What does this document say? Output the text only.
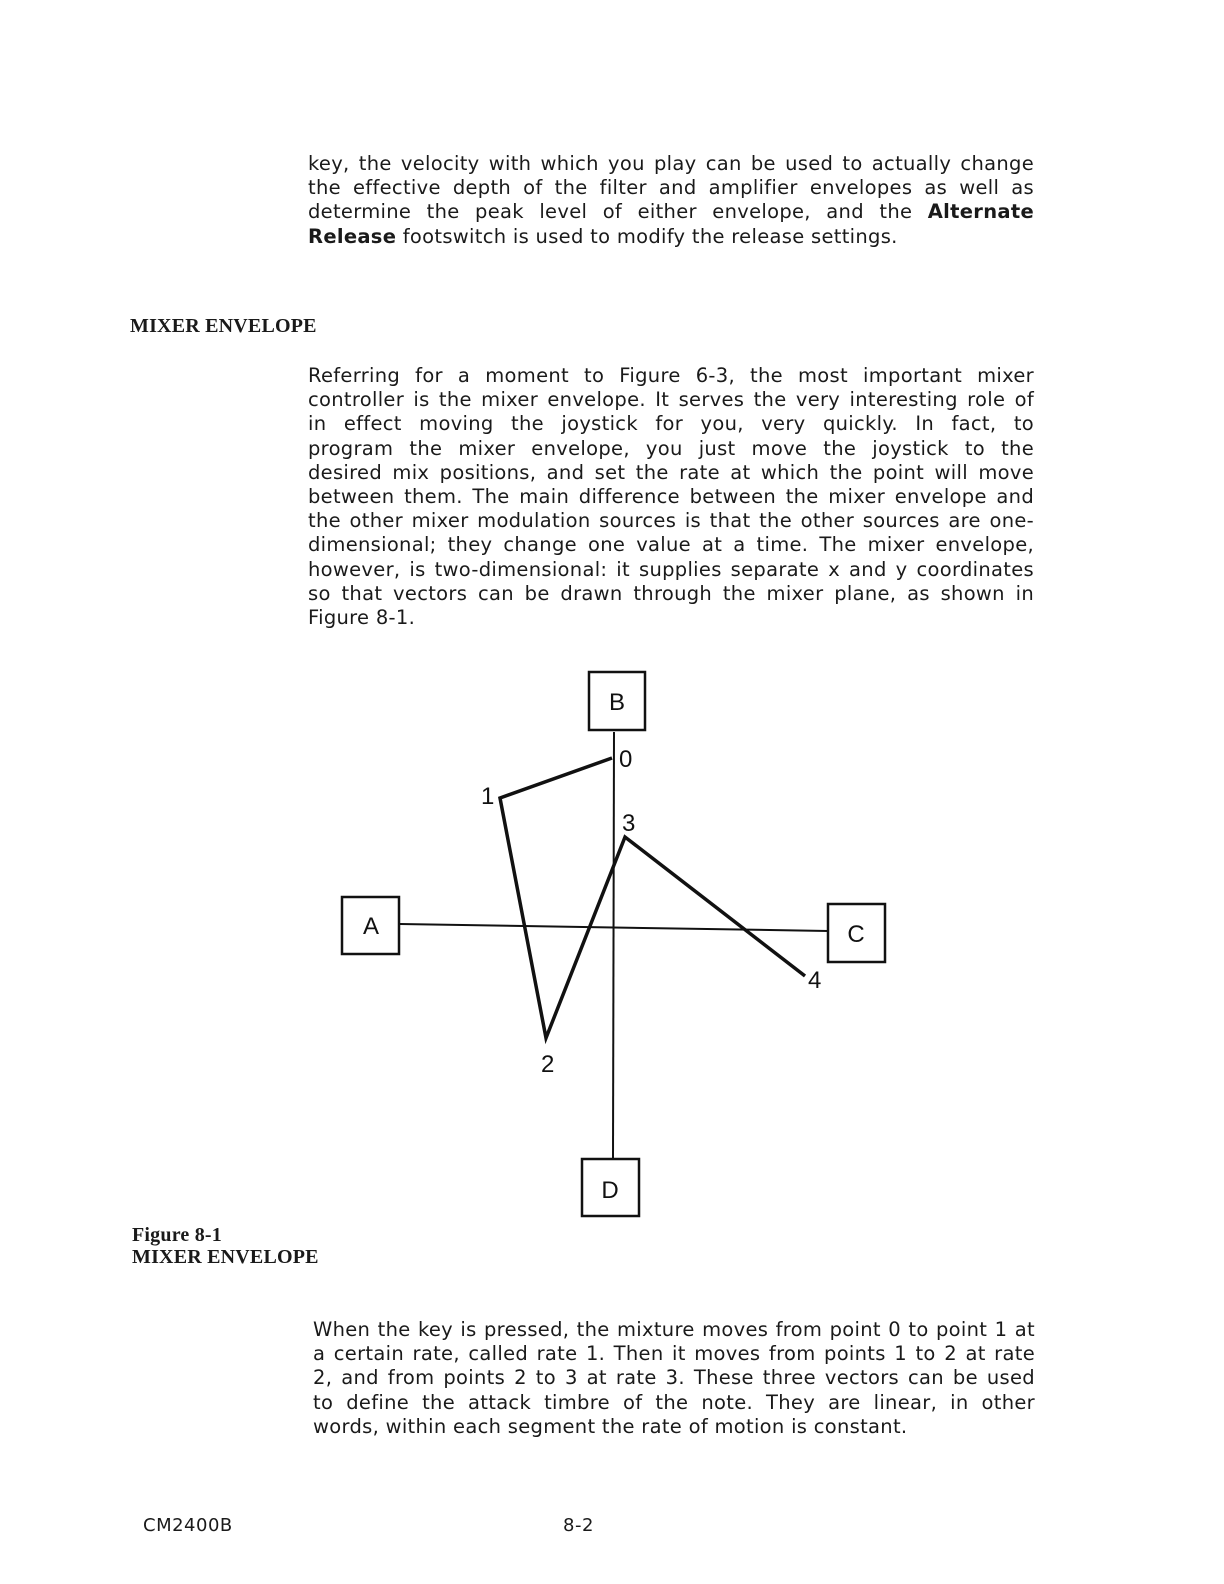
key, the velocity with which you play can be used to actually change
the effective depth of the filter and amplifier envelopes as well as
determine the peak level of either envelope, and the Alternate
Release footswitch is used to modify the release settings.
MIXER ENVELOPE
Referring for a moment to Figure 6-3, the most important mixer
controller is the mixer envelope. It serves the very interesting role of
in effect moving the joystick for you, very quickly. In fact, to
program the mixer envelope, you just move the joystick to the
desired mix positions, and set the rate at which the point will move
between them. The main difference between the mixer envelope and
the other mixer modulation sources is that the other sources are one-
dimensional; they change one value at a time. The mixer envelope,
however, is two-dimensional: it supplies separate x and y coordinates
so that vectors can be drawn through the mixer plane, as shown in
Figure 8-1.
B
A	C
D
0
1
2
3
4
Figure 8-1
MIXER ENVELOPE
When the key is pressed, the mixture moves from point 0 to point 1 at
a certain rate, called rate 1. Then it moves from points 1 to 2 at rate
2, and from points 2 to 3 at rate 3. These three vectors can be used
to define the attack timbre of the note. They are linear, in other
words, within each segment the rate of motion is constant.
CM2400B	8-2
